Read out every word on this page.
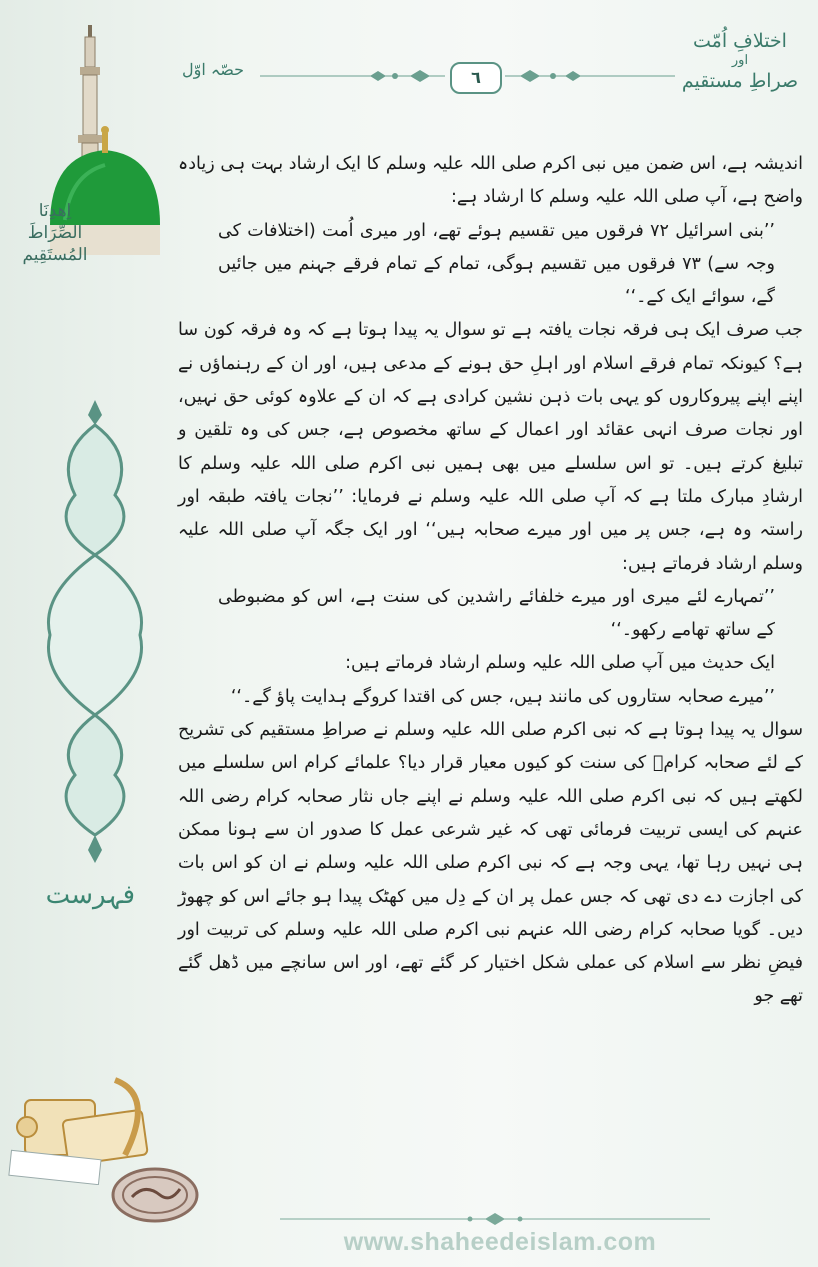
اِهدِنَا الصِّرَاطَ المُستَقِيم
فہرست
حصّہ اوّل	٦
اختلافِ اُمّت
اور
صراطِ مستقیم

اندیشہ ہے، اس ضمن میں نبی اکرم صلی اللہ علیہ وسلم کا ایک ارشاد بہت ہی زیادہ واضح ہے، آپ صلی اللہ علیہ وسلم کا ارشاد ہے:

’’بنی اسرائیل ۷۲ فرقوں میں تقسیم ہوئے تھے، اور میری اُمت (اختلافات کی وجہ سے) ۷۳ فرقوں میں تقسیم ہوگی، تمام کے تمام فرقے جہنم میں جائیں گے، سوائے ایک کے۔‘‘

جب صرف ایک ہی فرقہ نجات یافتہ ہے تو سوال یہ پیدا ہوتا ہے کہ وہ فرقہ کون سا ہے؟ کیونکہ تمام فرقے اسلام اور اہلِ حق ہونے کے مدعی ہیں، اور ان کے رہنماؤں نے اپنے اپنے پیروکاروں کو یہی بات ذہن نشین کرادی ہے کہ ان کے علاوہ کوئی حق نہیں، اور نجات صرف انہی عقائد اور اعمال کے ساتھ مخصوص ہے، جس کی وہ تلقین و تبلیغ کرتے ہیں۔ تو اس سلسلے میں بھی ہمیں نبی اکرم صلی اللہ علیہ وسلم کا ارشادِ مبارک ملتا ہے کہ آپ صلی اللہ علیہ وسلم نے فرمایا: ’’نجات یافتہ طبقہ اور راستہ وہ ہے، جس پر میں اور میرے صحابہ ہیں‘‘ اور ایک جگہ آپ صلی اللہ علیہ وسلم ارشاد فرماتے ہیں:

’’تمہارے لئے میری اور میرے خلفائے راشدین کی سنت ہے، اس کو مضبوطی کے ساتھ تھامے رکھو۔‘‘

ایک حدیث میں آپ صلی اللہ علیہ وسلم ارشاد فرماتے ہیں:

’’میرے صحابہ ستاروں کی مانند ہیں، جس کی اقتدا کروگے ہدایت پاؤ گے۔‘‘

سوال یہ پیدا ہوتا ہے کہ نبی اکرم صلی اللہ علیہ وسلم نے صراطِ مستقیم کی تشریح کے لئے صحابہ کرامؓ کی سنت کو کیوں معیار قرار دیا؟ علمائے کرام اس سلسلے میں لکھتے ہیں کہ نبی اکرم صلی اللہ علیہ وسلم نے اپنے جاں نثار صحابہ کرام رضی اللہ عنہم کی ایسی تربیت فرمائی تھی کہ غیر شرعی عمل کا صدور ان سے ہونا ممکن ہی نہیں رہا تھا، یہی وجہ ہے کہ نبی اکرم صلی اللہ علیہ وسلم نے ان کو اس بات کی اجازت دے دی تھی کہ جس عمل پر ان کے دِل میں کھٹک پیدا ہو جائے اس کو چھوڑ دیں۔ گویا صحابہ کرام رضی اللہ عنہم نبی اکرم صلی اللہ علیہ وسلم کی تربیت اور فیضِ نظر سے اسلام کی عملی شکل اختیار کر گئے تھے، اور اس سانچے میں ڈھل گئے تھے جو

www.shaheedeislam.com
